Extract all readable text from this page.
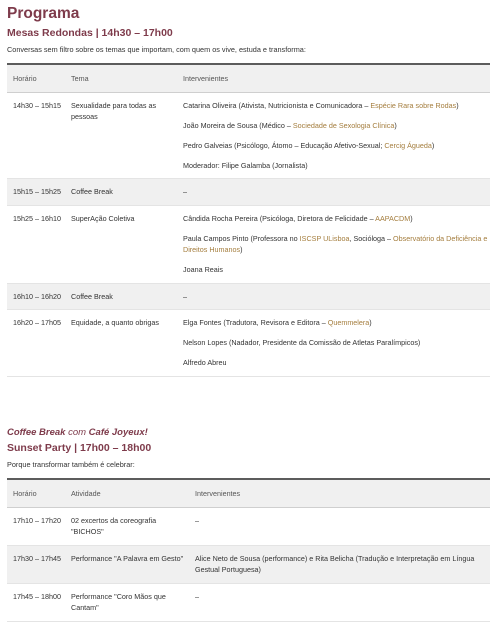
Programa
Mesas Redondas | 14h30 – 17h00

Conversas sem filtro sobre os temas que importam, com quem os vive, estuda e transforma:

Horário	Tema	Intervenientes
14h30 – 15h15	Sexualidade para todas as pessoas	Catarina Oliveira (Ativista, Nutricionista e Comunicadora – Espécie Rara sobre Rodas)

João Moreira de Sousa (Médico – Sociedade de Sexologia Clínica)

Pedro Galveias (Psicólogo, Átomo – Educação Afetivo-Sexual; Cercig Águeda)

Moderador: Filipe Galamba (Jornalista)

15h15 – 15h25	Coffee Break	–
15h25 – 16h10	SuperAção Coletiva	Cândida Rocha Pereira (Psicóloga, Diretora de Felicidade – AAPACDM)

Paula Campos Pinto (Professora no ISCSP ULisboa, Socióloga – Observatório da Deficiência e Direitos Humanos)

Joana Reais

16h10 – 16h20	Coffee Break	–
16h20 – 17h05	Equidade, a quanto obrigas	Elga Fontes (Tradutora, Revisora e Editora – Quemmelera)

Nelson Lopes (Nadador, Presidente da Comissão de Atletas Paralímpicos)

Alfredo Abreu

Coffee Break com Café Joyeux!
Sunset Party | 17h00 – 18h00

Porque transformar também é celebrar:

Horário	Atividade	Intervenientes
17h10 – 17h20	02 excertos da coreografia "BICHOS"	–
17h30 – 17h45	Performance "A Palavra em Gesto"	Alice Neto de Sousa (performance) e Rita Belicha (Tradução e Interpretação em Língua Gestual Portuguesa)
17h45 – 18h00	Performance "Coro Mãos que Cantam"	–
